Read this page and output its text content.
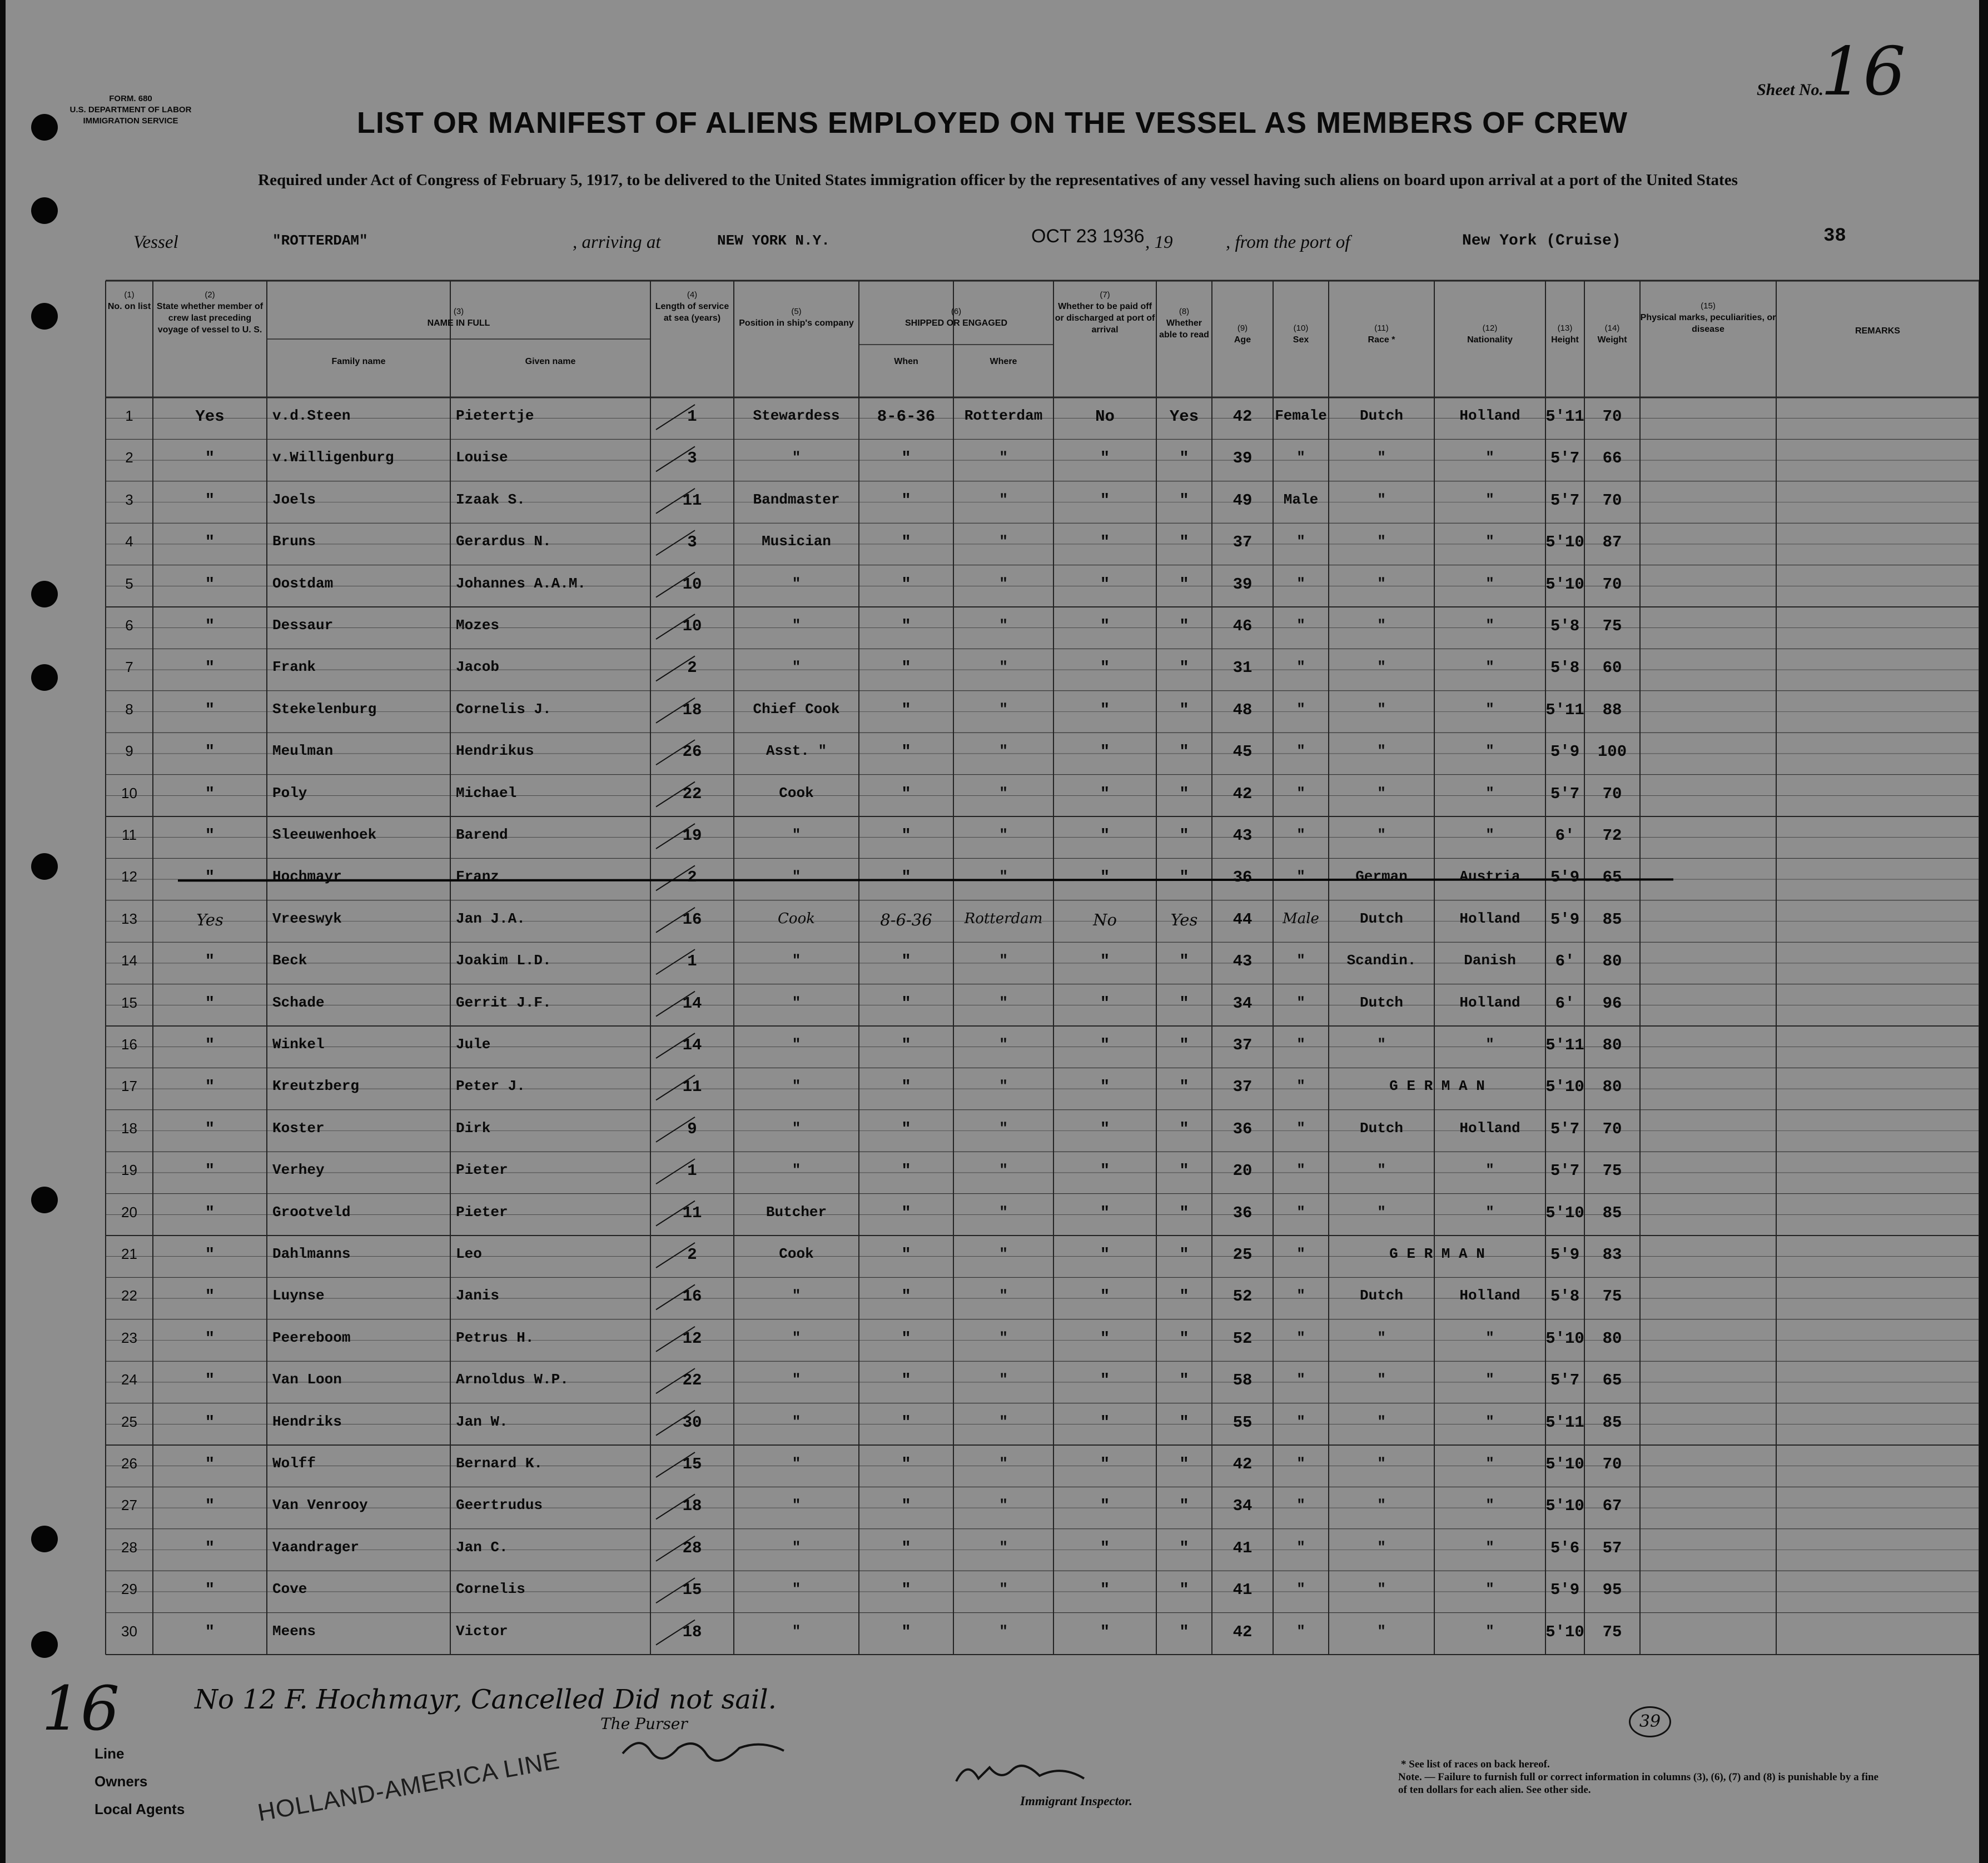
FORM. 680
U.S. DEPARTMENT OF LABOR
IMMIGRATION SERVICE
Sheet No.
16
LIST OR MANIFEST OF ALIENS EMPLOYED ON THE VESSEL AS MEMBERS OF CREW
Required under Act of Congress of February 5, 1917, to be delivered to the United States immigration officer by the representatives of any vessel having such aliens on board upon arrival at a port of the United States
Vessel	"ROTTERDAM"	, arriving at	NEW YORK N.Y.	OCT 23 1936 , 19	, from the port of	New York (Cruise)	38
(1)
No. on list
(2)
State whether member of crew last preceding voyage of vessel to U. S.
(3)
NAME IN FULL
Family name	Given name
(4)
Length of service at sea (years)
(5)
Position in ship's company
(6)
SHIPPED OR ENGAGED
When	Where
(7)
Whether to be paid off or discharged at port of arrival
(8)
Whether able to read
(9)
Age
(10)
Sex
(11)
Race *
(12)
Nationality
(13)
Height
(14)
Weight
(15)
Physical marks, peculiarities, or disease	REMARKS
1	Yes	v.d.Steen	Pietertje	1	Stewardess	8-6-36	Rotterdam	No	Yes	42	Female	Dutch	Holland	5'11	70
2	"	v.Willigenburg	Louise	3	"	"	"	"	"	39	"	"	"	5'7	66
3	"	Joels	Izaak S.	11	Bandmaster	"	"	"	"	49	Male	"	"	5'7	70
4	"	Bruns	Gerardus N.	3	Musician	"	"	"	"	37	"	"	"	5'10	87
5	"	Oostdam	Johannes A.A.M.	10	"	"	"	"	"	39	"	"	"	5'10	70
6	"	Dessaur	Mozes	10	"	"	"	"	"	46	"	"	"	5'8	75
7	"	Frank	Jacob	2	"	"	"	"	"	31	"	"	"	5'8	60
8	"	Stekelenburg	Cornelis J.	18	Chief Cook	"	"	"	"	48	"	"	"	5'11	88
9	"	Meulman	Hendrikus	26	Asst. "	"	"	"	"	45	"	"	"	5'9	100
10	"	Poly	Michael	22	Cook	"	"	"	"	42	"	"	"	5'7	70
11	"	Sleeuwenhoek	Barend	19	"	"	"	"	"	43	"	"	"	6'	72
12	"	Hochmayr	Franz	2	"	"	"	"	"	36	"	German	Austria	5'9	65
13	Yes	Vreeswyk	Jan J.A.	16	Cook	8-6-36	Rotterdam	No	Yes	44	Male	Dutch	Holland	5'9	85
14	"	Beck	Joakim L.D.	1	"	"	"	"	"	43	"	Scandin.	Danish	6'	80
15	"	Schade	Gerrit J.F.	14	"	"	"	"	"	34	"	Dutch	Holland	6'	96
16	"	Winkel	Jule	14	"	"	"	"	"	37	"	"	"	5'11	80
17	"	Kreutzberg	Peter J.	11	"	"	"	"	"	37	"	G E R M A N	5'10	80
18	"	Koster	Dirk	9	"	"	"	"	"	36	"	Dutch	Holland	5'7	70
19	"	Verhey	Pieter	1	"	"	"	"	"	20	"	"	"	5'7	75
20	"	Grootveld	Pieter	11	Butcher	"	"	"	"	36	"	"	"	5'10	85
21	"	Dahlmanns	Leo	2	Cook	"	"	"	"	25	"	G E R M A N	5'9	83
22	"	Luynse	Janis	16	"	"	"	"	"	52	"	Dutch	Holland	5'8	75
23	"	Peereboom	Petrus H.	12	"	"	"	"	"	52	"	"	"	5'10	80
24	"	Van Loon	Arnoldus W.P.	22	"	"	"	"	"	58	"	"	"	5'7	65
25	"	Hendriks	Jan W.	30	"	"	"	"	"	55	"	"	"	5'11	85
26	"	Wolff	Bernard K.	15	"	"	"	"	"	42	"	"	"	5'10	70
27	"	Van Venrooy	Geertrudus	18	"	"	"	"	"	34	"	"	"	5'10	67
28	"	Vaandrager	Jan C.	28	"	"	"	"	"	41	"	"	"	5'6	57
29	"	Cove	Cornelis	15	"	"	"	"	"	41	"	"	"	5'9	95
30	"	Meens	Victor	18	"	"	"	"	"	42	"	"	"	5'10	75
16	No 12 F. Hochmayr, Cancelled Did not sail.
The Purser	39
Line
Owners
Local Agents	HOLLAND-AMERICA LINE	Immigrant Inspector.
* See list of races on back hereof.
Note. — Failure to furnish full or correct information in columns (3), (6), (7) and (8) is punishable by a fine of ten dollars for each alien. See other side.
